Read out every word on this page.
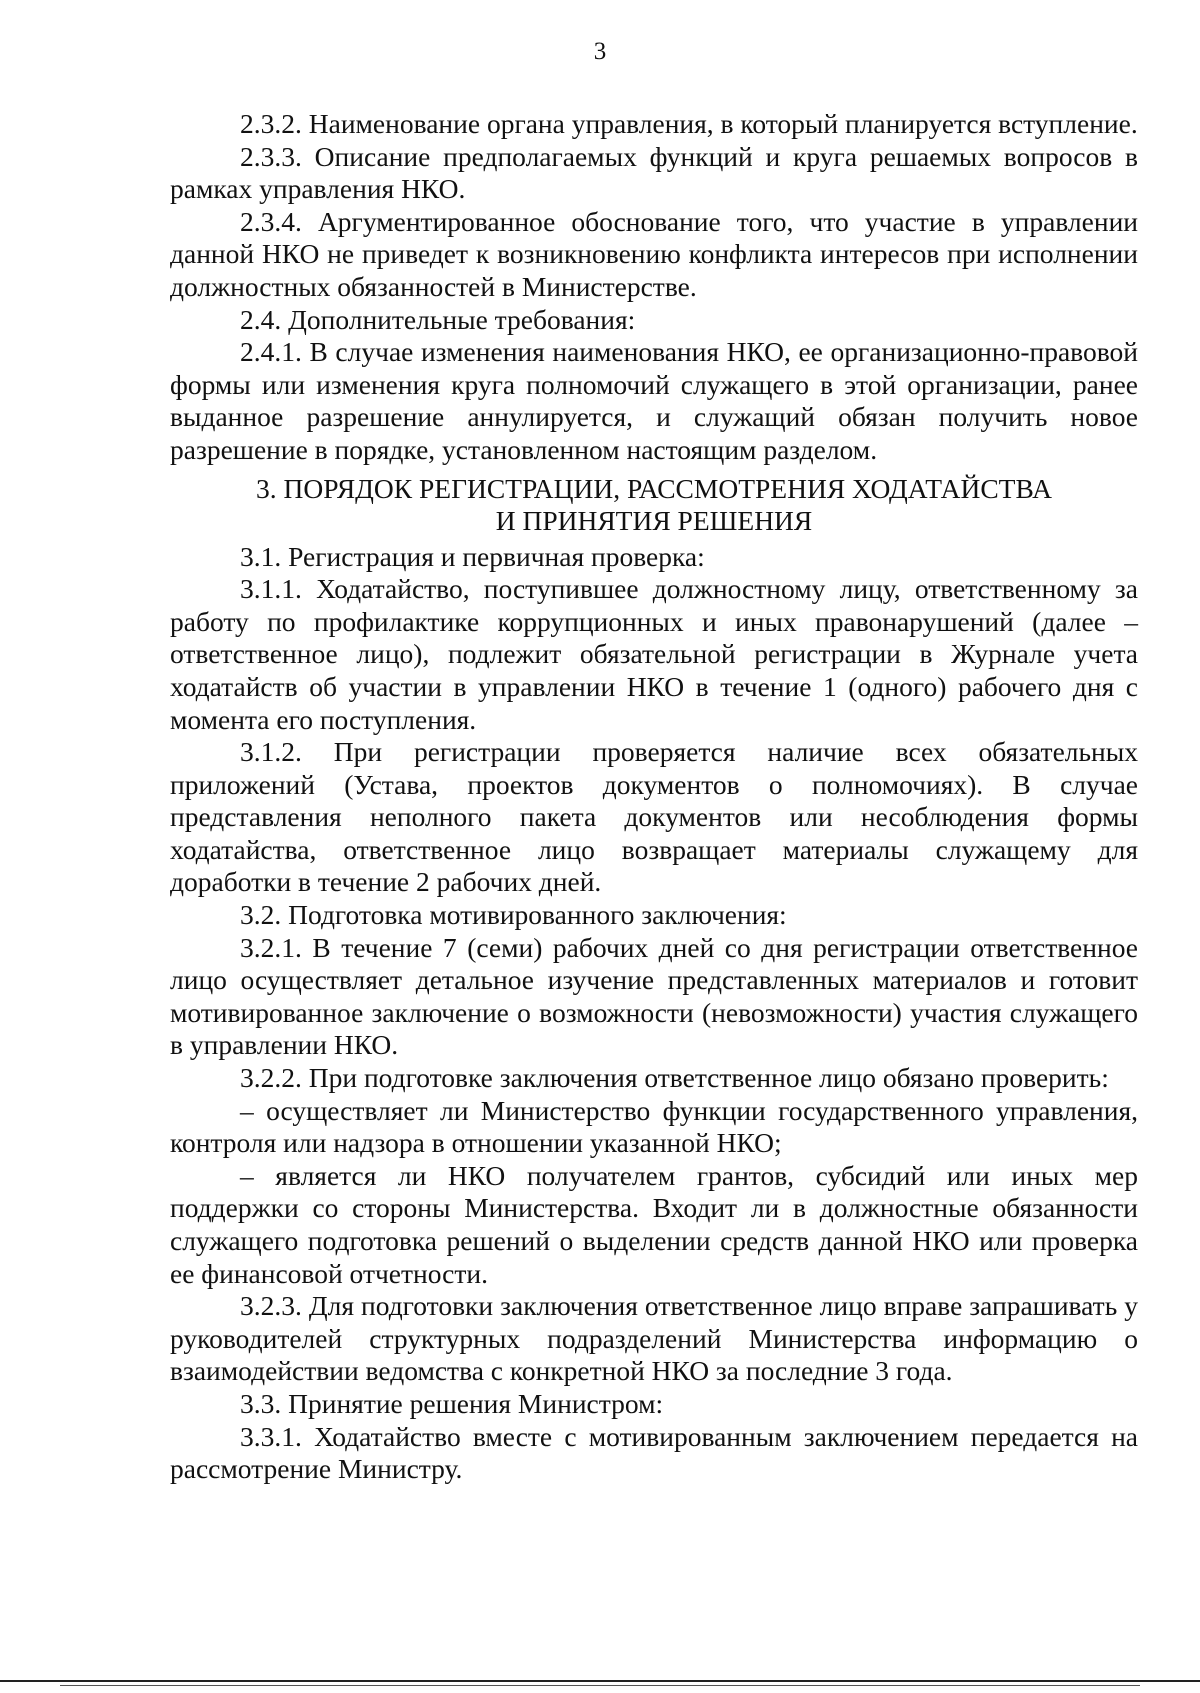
3

2.3.2. Наименование органа управления, в который планируется вступление.

2.3.3. Описание предполагаемых функций и круга решаемых вопросов в рамках управления НКО.

2.3.4. Аргументированное обоснование того, что участие в управлении данной НКО не приведет к возникновению конфликта интересов при исполнении должностных обязанностей в Министерстве.

2.4. Дополнительные требования:

2.4.1. В случае изменения наименования НКО, ее организационно-правовой формы или изменения круга полномочий служащего в этой организации, ранее выданное разрешение аннулируется, и служащий обязан получить новое разрешение в порядке, установленном настоящим разделом.

3. ПОРЯДОК РЕГИСТРАЦИИ, РАССМОТРЕНИЯ ХОДАТАЙСТВА
И ПРИНЯТИЯ РЕШЕНИЯ

3.1. Регистрация и первичная проверка:

3.1.1. Ходатайство, поступившее должностному лицу, ответственному за работу по профилактике коррупционных и иных правонарушений (далее – ответственное лицо), подлежит обязательной регистрации в Журнале учета ходатайств об участии в управлении НКО в течение 1 (одного) рабочего дня с момента его поступления.

3.1.2. При регистрации проверяется наличие всех обязательных приложений (Устава, проектов документов о полномочиях). В случае представления неполного пакета документов или несоблюдения формы ходатайства, ответственное лицо возвращает материалы служащему для доработки в течение 2 рабочих дней.

3.2. Подготовка мотивированного заключения:

3.2.1. В течение 7 (семи) рабочих дней со дня регистрации ответственное лицо осуществляет детальное изучение представленных материалов и готовит мотивированное заключение о возможности (невозможности) участия служащего в управлении НКО.

3.2.2. При подготовке заключения ответственное лицо обязано проверить:

– осуществляет ли Министерство функции государственного управления, контроля или надзора в отношении указанной НКО;

– является ли НКО получателем грантов, субсидий или иных мер поддержки со стороны Министерства. Входит ли в должностные обязанности служащего подготовка решений о выделении средств данной НКО или проверка ее финансовой отчетности.

3.2.3. Для подготовки заключения ответственное лицо вправе запрашивать у руководителей структурных подразделений Министерства информацию о взаимодействии ведомства с конкретной НКО за последние 3 года.

3.3. Принятие решения Министром:

3.3.1. Ходатайство вместе с мотивированным заключением передается на рассмотрение Министру.
